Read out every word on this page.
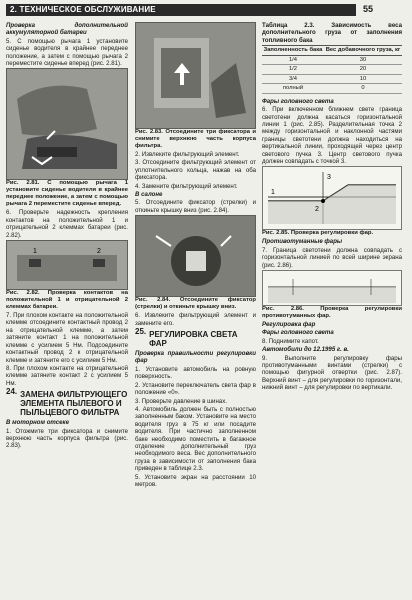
2. ТЕХНИЧЕСКОЕ ОБСЛУЖИВАНИЕ	55

Проверка дополнительной аккумуляторной батареи

5. С помощью рычага 1 установите сиденье водителя в крайнее переднее положение, а затем с помощью рычага 2 переместите сиденье вперед (рис. 2.81).

Рис. 2.81. С помощью рычага 1 установите сиденье водителя в крайнее переднее положение, а затем с помощью рычага 2 переместите сиденье вперед.

6. Проверьте надежность крепления контактов на положительной 1 и отрицательной 2 клеммах батареи (рис. 2.82).

1	2

Рис. 2.82. Проверка контактов на положительной 1 и отрицательной 2 клеммах батареи.

7. При плохом контакте на положительной клемме отсоедините контактный провод 2 на отрицательной клемме, а затем затяните контакт 1 на положительной клемме с усилием 5 Нм. Подсоедините контактный провод 2 к отрицательной клемме и затяните его с усилием 5 Нм.

8. При плохом контакте на отрицательной клемме затяните контакт 2 с усилием 5 Нм.

24. ЗАМЕНА ФИЛЬТРУЮЩЕГО ЭЛЕМЕНТА ПЫЛЕВОГО И ПЫЛЬЦЕВОГО ФИЛЬТРА

В моторном отсеке

1. Отожмите три фиксатора и снимите верхнюю часть корпуса фильтра (рис. 2.83).

Рис. 2.83. Отсоедините три фиксатора и снимите верхнюю часть корпуса фильтра.

2. Извлеките фильтрующий элемент.

3. Отсоедините фильтрующий элемент от уплотнительного кольца, нажав на оба фиксатора.

4. Замените фильтрующий элемент.

В салоне

5. Отсоедините фиксатор (стрелки) и откиньте крышку вниз (рис. 2.84).

Рис. 2.84. Отсоедините фиксатор (стрелки) и откиньте крышку вниз.

6. Извлеките фильтрующий элемент и замените его.

25. РЕГУЛИРОВКА СВЕТА ФАР

Проверка правильности регулировки фар

1. Установите автомобиль на ровную поверхность.

2. Установите переключатель света фар в положение «0».

3. Проверьте давление в шинах.

4. Автомобиль должен быть с полностью заполненным баком. Установите на место водителя груз в 75 кг или посадите водителя. При частично заполненном баке необходимо поместить в багажное отделение дополнительный груз необходимого веса. Вес дополнительного груза в зависимости от заполнения бака приведен в таблице 2.3.

5. Установите экран на расстоянии 10 метров.

Таблица 2.3. Зависимость веса дополнительного груза от заполнения топливного бака

Заполненность бака	Вес добавочного груза, кг
1/4	30
1/2	20
3/4	10
полный	0

Фары головного света

6. При включенном ближнем свете граница светотени должна касаться горизонтальной линии 1 (рис. 2.85). Разделительная точка 2 между горизонтальной и наклонной частями границы светотени должна находиться на вертикальной линии, проходящей через центр светового пучка 3. Центр светового пучка должен совпадать с точкой 3.

1
2
3

Рис. 2.85. Проверка регулировки фар.

Противотуманные фары

7. Граница светотени должна совпадать с горизонтальной линией по всей ширине экрана (рис. 2.86).

Рис. 2.86. Проверка регулировки противотуманных фар.

Регулировка фар

Фары головного света

8. Поднимите капот.

Автомобили до 12.1995 г. в.

9. Выполните регулировку фары противотуманными винтами (стрелки) с помощью фигурной отвертки (рис. 2.87). Верхний винт – для регулировки по горизонтали, нижний винт – для регулировки по вертикали.
